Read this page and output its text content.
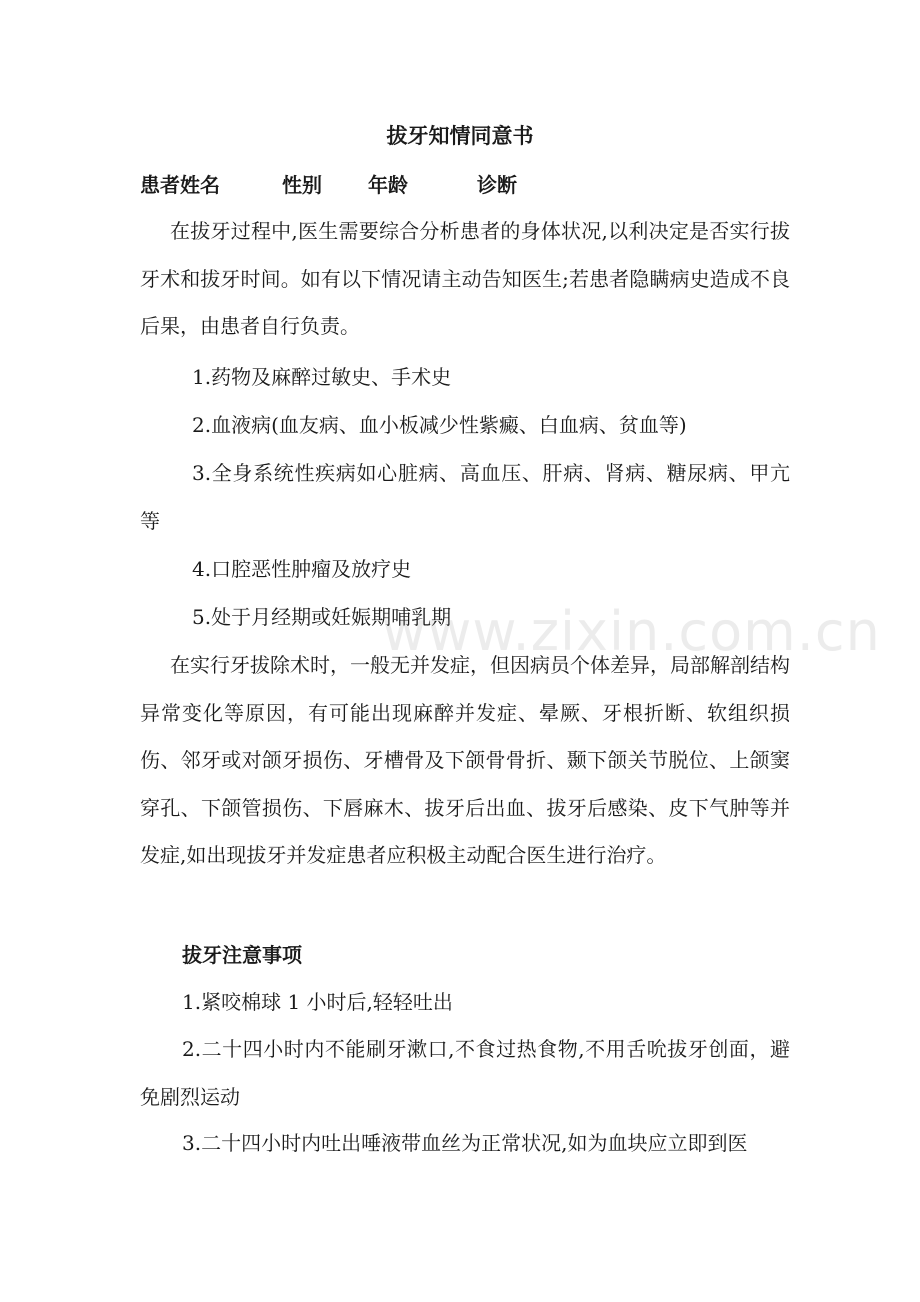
拔牙知情同意书
患者姓名	性别 年龄	诊断
在拔牙过程中,医生需要综合分析患者的身体状况,以利决定是否实行拔牙术和拔牙时间。如有以下情况请主动告知医生;若患者隐瞒病史造成不良后果，由患者自行负责。
1.药物及麻醉过敏史、手术史
2.血液病(血友病、血小板减少性紫癜、白血病、贫血等)
3.全身系统性疾病如心脏病、高血压、肝病、肾病、糖尿病、甲亢等
4.口腔恶性肿瘤及放疗史
5.处于月经期或妊娠期哺乳期
在实行牙拔除术时，一般无并发症，但因病员个体差异，局部解剖结构异常变化等原因，有可能出现麻醉并发症、晕厥、牙根折断、软组织损伤、邻牙或对颌牙损伤、牙槽骨及下颌骨骨折、颞下颌关节脱位、上颌窦穿孔、下颌管损伤、下唇麻木、拔牙后出血、拔牙后感染、皮下气肿等并发症,如出现拔牙并发症患者应积极主动配合医生进行治疗。
拔牙注意事项
1.紧咬棉球 1 小时后,轻轻吐出
2.二十四小时内不能刷牙漱口,不食过热食物,不用舌吮拔牙创面，避免剧烈运动
3.二十四小时内吐出唾液带血丝为正常状况,如为血块应立即到医
www.zixin.com.cn
